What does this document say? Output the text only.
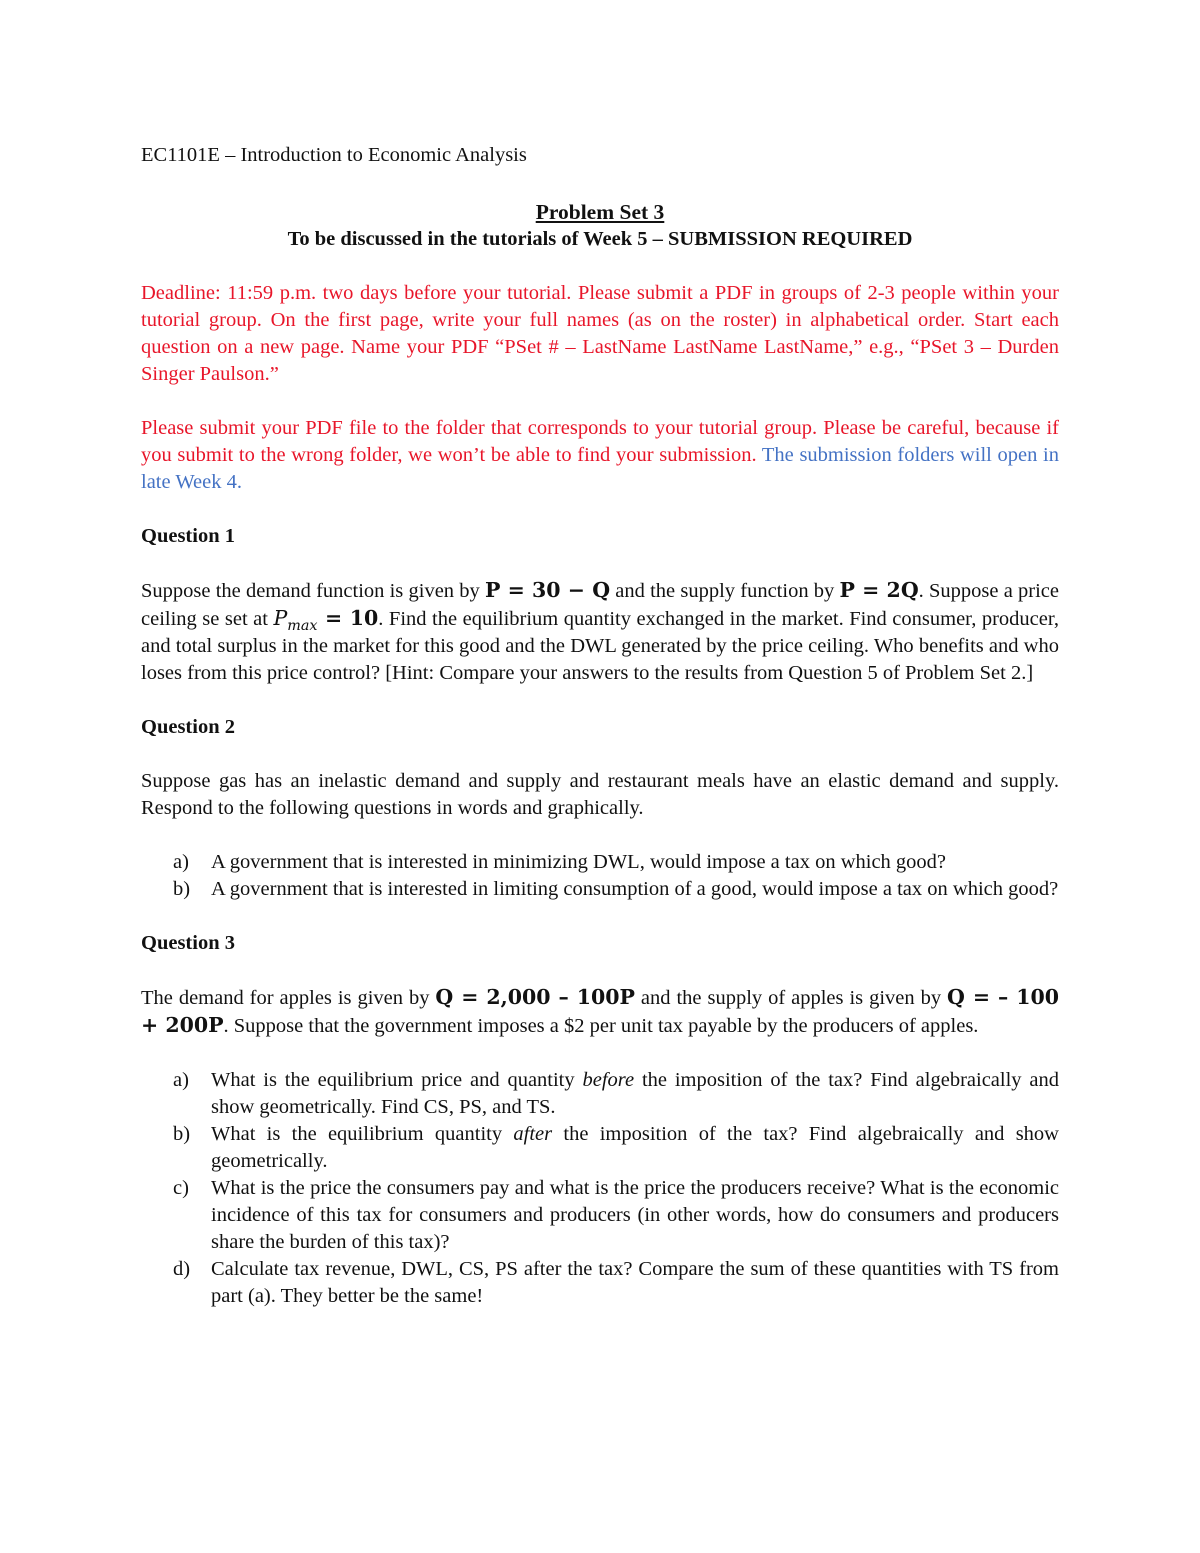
EC1101E – Introduction to Economic Analysis

Problem Set 3

To be discussed in the tutorials of Week 5 – SUBMISSION REQUIRED

Deadline: 11:59 p.m. two days before your tutorial. Please submit a PDF in groups of 2-3 people within your tutorial group. On the first page, write your full names (as on the roster) in alphabetical order. Start each question on a new page. Name your PDF “PSet # – LastName LastName LastName,” e.g., “PSet 3 – Durden Singer Paulson.”

Please submit your PDF file to the folder that corresponds to your tutorial group. Please be careful, because if you submit to the wrong folder, we won’t be able to find your submission. The submission folders will open in late Week 4.

Question 1

Suppose the demand function is given by P = 30 − Q and the supply function by P = 2Q. Suppose a price ceiling se set at $P_{max} = 10$. Find the equilibrium quantity exchanged in the market. Find consumer, producer, and total surplus in the market for this good and the DWL generated by the price ceiling. Who benefits and who loses from this price control? [Hint: Compare your answers to the results from Question 5 of Problem Set 2.]

Question 2

Suppose gas has an inelastic demand and supply and restaurant meals have an elastic demand and supply. Respond to the following questions in words and graphically.

a) A government that is interested in minimizing DWL, would impose a tax on which good?
b) A government that is interested in limiting consumption of a good, would impose a tax on which good?

Question 3

The demand for apples is given by Q = 2,000 – 100P and the supply of apples is given by Q = – 100 + 200P. Suppose that the government imposes a $2 per unit tax payable by the producers of apples.

a) What is the equilibrium price and quantity before the imposition of the tax? Find algebraically and show geometrically. Find CS, PS, and TS.
b) What is the equilibrium quantity after the imposition of the tax? Find algebraically and show geometrically.
c) What is the price the consumers pay and what is the price the producers receive? What is the economic incidence of this tax for consumers and producers (in other words, how do consumers and producers share the burden of this tax)?
d) Calculate tax revenue, DWL, CS, PS after the tax? Compare the sum of these quantities with TS from part (a). They better be the same!
